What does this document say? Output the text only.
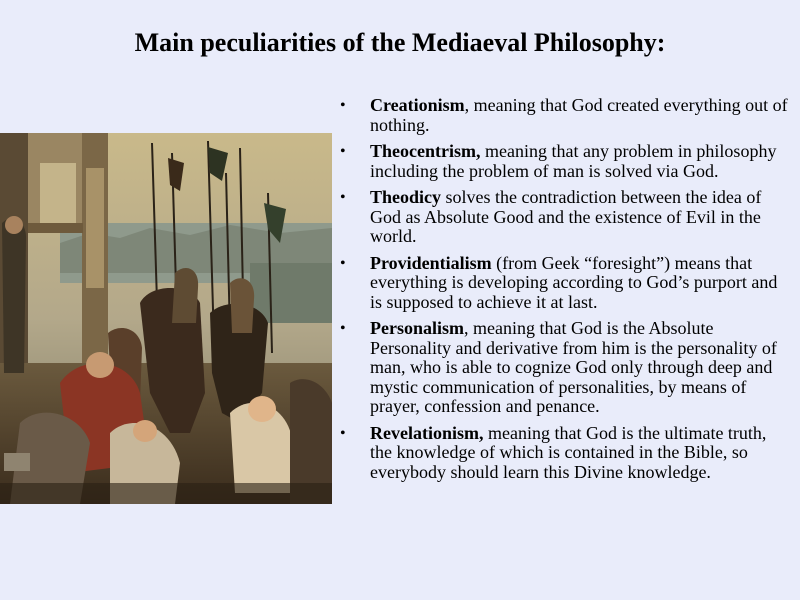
Main peculiarities of the Mediaeval Philosophy:
• Creationism, meaning that God created everything out of nothing.
• Theocentrism, meaning that any problem in philosophy including the problem of man is solved via God.
• Theodicy solves the contradiction between the idea of God as Absolute Good and the existence of Evil in the world.
• Providentialism (from Geek “foresight”) means that everything is developing according to God’s purport and is supposed to achieve it at last.
• Personalism, meaning that God is the Absolute Personality and derivative from him is the personality of man, who is able to cognize God only through deep and mystic communication of personalities, by means of prayer, confession and penance.
• Revelationism, meaning that God is the ultimate truth, the knowledge of which is contained in the Bible, so everybody should learn this Divine knowledge.
